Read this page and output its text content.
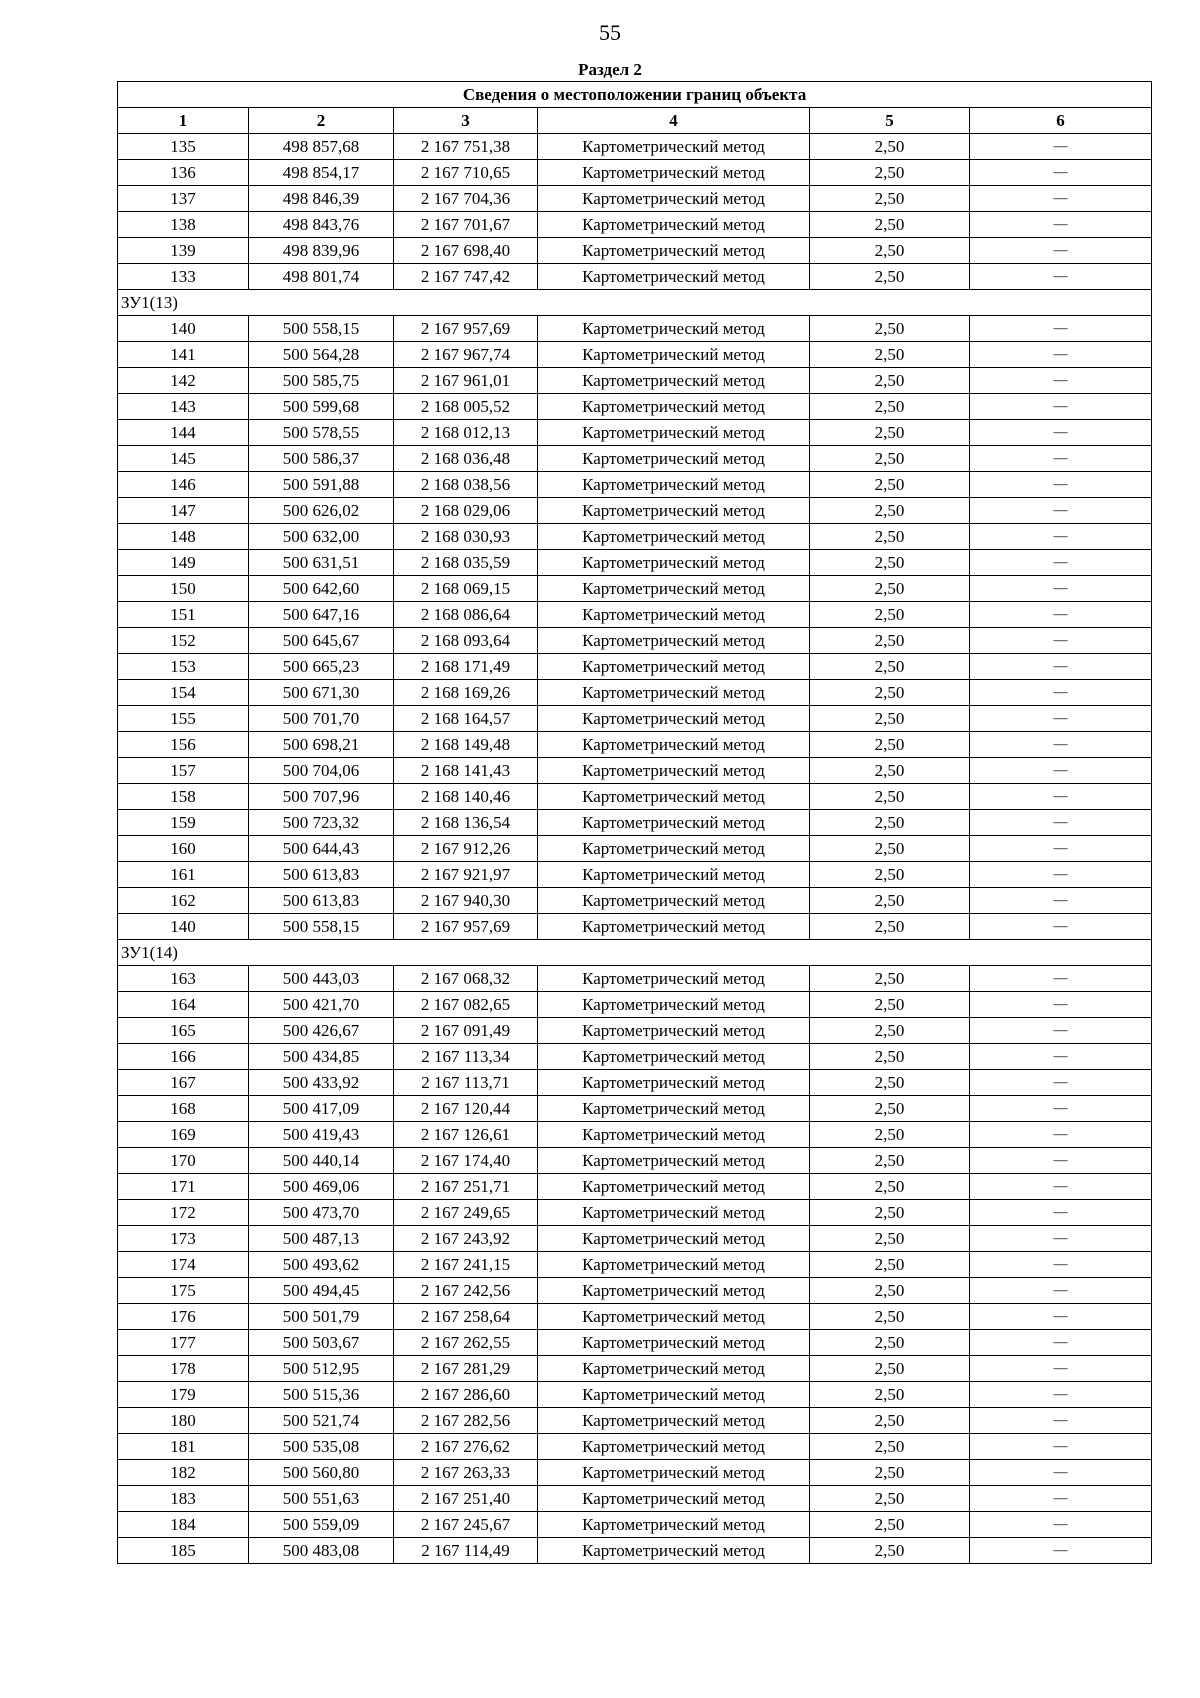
55
Раздел 2
Сведения о местоположении границ объекта					
1	2	3	4	5	6
135	498 857,68	2 167 751,38	Картометрический метод	2,50	—
136	498 854,17	2 167 710,65	Картометрический метод	2,50	—
137	498 846,39	2 167 704,36	Картометрический метод	2,50	—
138	498 843,76	2 167 701,67	Картометрический метод	2,50	—
139	498 839,96	2 167 698,40	Картометрический метод	2,50	—
133	498 801,74	2 167 747,42	Картометрический метод	2,50	—
ЗУ1(13)					
140	500 558,15	2 167 957,69	Картометрический метод	2,50	—
141	500 564,28	2 167 967,74	Картометрический метод	2,50	—
142	500 585,75	2 167 961,01	Картометрический метод	2,50	—
143	500 599,68	2 168 005,52	Картометрический метод	2,50	—
144	500 578,55	2 168 012,13	Картометрический метод	2,50	—
145	500 586,37	2 168 036,48	Картометрический метод	2,50	—
146	500 591,88	2 168 038,56	Картометрический метод	2,50	—
147	500 626,02	2 168 029,06	Картометрический метод	2,50	—
148	500 632,00	2 168 030,93	Картометрический метод	2,50	—
149	500 631,51	2 168 035,59	Картометрический метод	2,50	—
150	500 642,60	2 168 069,15	Картометрический метод	2,50	—
151	500 647,16	2 168 086,64	Картометрический метод	2,50	—
152	500 645,67	2 168 093,64	Картометрический метод	2,50	—
153	500 665,23	2 168 171,49	Картометрический метод	2,50	—
154	500 671,30	2 168 169,26	Картометрический метод	2,50	—
155	500 701,70	2 168 164,57	Картометрический метод	2,50	—
156	500 698,21	2 168 149,48	Картометрический метод	2,50	—
157	500 704,06	2 168 141,43	Картометрический метод	2,50	—
158	500 707,96	2 168 140,46	Картометрический метод	2,50	—
159	500 723,32	2 168 136,54	Картометрический метод	2,50	—
160	500 644,43	2 167 912,26	Картометрический метод	2,50	—
161	500 613,83	2 167 921,97	Картометрический метод	2,50	—
162	500 613,83	2 167 940,30	Картометрический метод	2,50	—
140	500 558,15	2 167 957,69	Картометрический метод	2,50	—
ЗУ1(14)					
163	500 443,03	2 167 068,32	Картометрический метод	2,50	—
164	500 421,70	2 167 082,65	Картометрический метод	2,50	—
165	500 426,67	2 167 091,49	Картометрический метод	2,50	—
166	500 434,85	2 167 113,34	Картометрический метод	2,50	—
167	500 433,92	2 167 113,71	Картометрический метод	2,50	—
168	500 417,09	2 167 120,44	Картометрический метод	2,50	—
169	500 419,43	2 167 126,61	Картометрический метод	2,50	—
170	500 440,14	2 167 174,40	Картометрический метод	2,50	—
171	500 469,06	2 167 251,71	Картометрический метод	2,50	—
172	500 473,70	2 167 249,65	Картометрический метод	2,50	—
173	500 487,13	2 167 243,92	Картометрический метод	2,50	—
174	500 493,62	2 167 241,15	Картометрический метод	2,50	—
175	500 494,45	2 167 242,56	Картометрический метод	2,50	—
176	500 501,79	2 167 258,64	Картометрический метод	2,50	—
177	500 503,67	2 167 262,55	Картометрический метод	2,50	—
178	500 512,95	2 167 281,29	Картометрический метод	2,50	—
179	500 515,36	2 167 286,60	Картометрический метод	2,50	—
180	500 521,74	2 167 282,56	Картометрический метод	2,50	—
181	500 535,08	2 167 276,62	Картометрический метод	2,50	—
182	500 560,80	2 167 263,33	Картометрический метод	2,50	—
183	500 551,63	2 167 251,40	Картометрический метод	2,50	—
184	500 559,09	2 167 245,67	Картометрический метод	2,50	—
185	500 483,08	2 167 114,49	Картометрический метод	2,50	—
